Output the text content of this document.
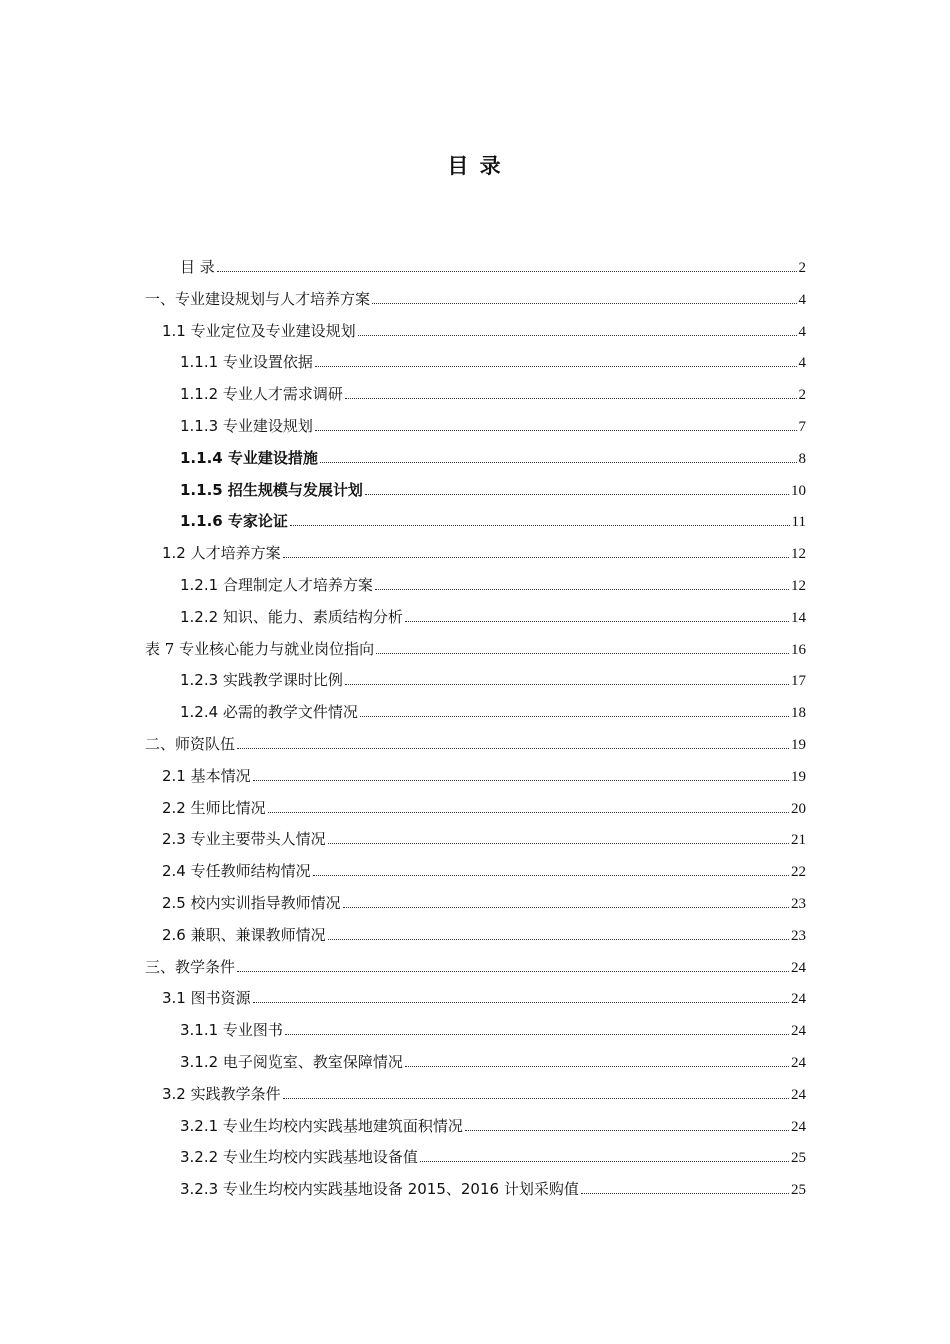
目 录
目 录	2
一、专业建设规划与人才培养方案	4
1.1 专业定位及专业建设规划	4
1.1.1 专业设置依据	4
1.1.2 专业人才需求调研	2
1.1.3 专业建设规划	7
1.1.4 专业建设措施	8
1.1.5 招生规模与发展计划	10
1.1.6 专家论证	11
1.2 人才培养方案	12
1.2.1 合理制定人才培养方案	12
1.2.2 知识、能力、素质结构分析	14
表 7 专业核心能力与就业岗位指向	16
1.2.3 实践教学课时比例	17
1.2.4 必需的教学文件情况	18
二、师资队伍	19
2.1 基本情况	19
2.2 生师比情况	20
2.3 专业主要带头人情况	21
2.4 专任教师结构情况	22
2.5 校内实训指导教师情况	23
2.6 兼职、兼课教师情况	23
三、教学条件	24
3.1 图书资源	24
3.1.1 专业图书	24
3.1.2 电子阅览室、教室保障情况	24
3.2 实践教学条件	24
3.2.1 专业生均校内实践基地建筑面积情况	24
3.2.2 专业生均校内实践基地设备值	25
3.2.3 专业生均校内实践基地设备 2015、2016 计划采购值	25
